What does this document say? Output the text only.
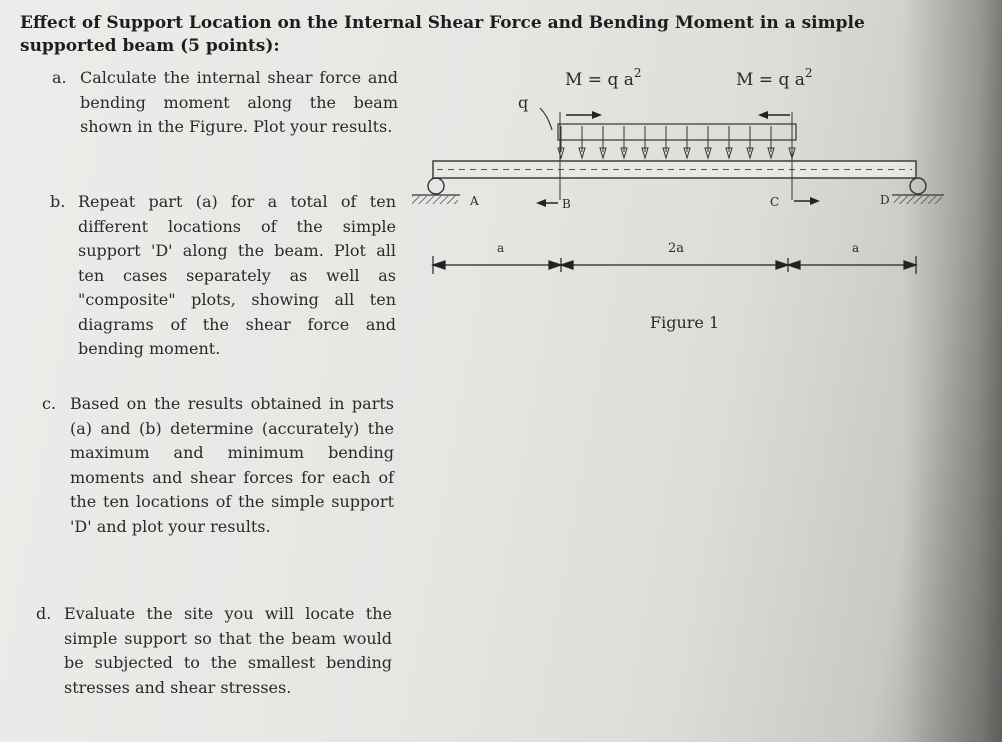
Effect of Support Location on the Internal Shear Force and Bending Moment in a simple supported beam (5 points):
a. Calculate the internal shear force and bending moment along the beam shown in the Figure. Plot your results.
b. Repeat part (a) for a total of ten different locations of the simple support 'D' along the beam. Plot all ten cases separately as well as "composite" plots, showing all ten diagrams of the shear force and bending moment.
c. Based on the results obtained in parts (a) and (b) determine (accurately) the maximum and minimum bending moments and shear forces for each of the ten locations of the simple support 'D' and plot your results.
d. Evaluate the site you will locate the simple support so that the beam would be subjected to the smallest bending stresses and shear stresses.
M = q $a^2$	M = q $a^2$
q
A	D
B	C
a	2a	a
Figure 1
